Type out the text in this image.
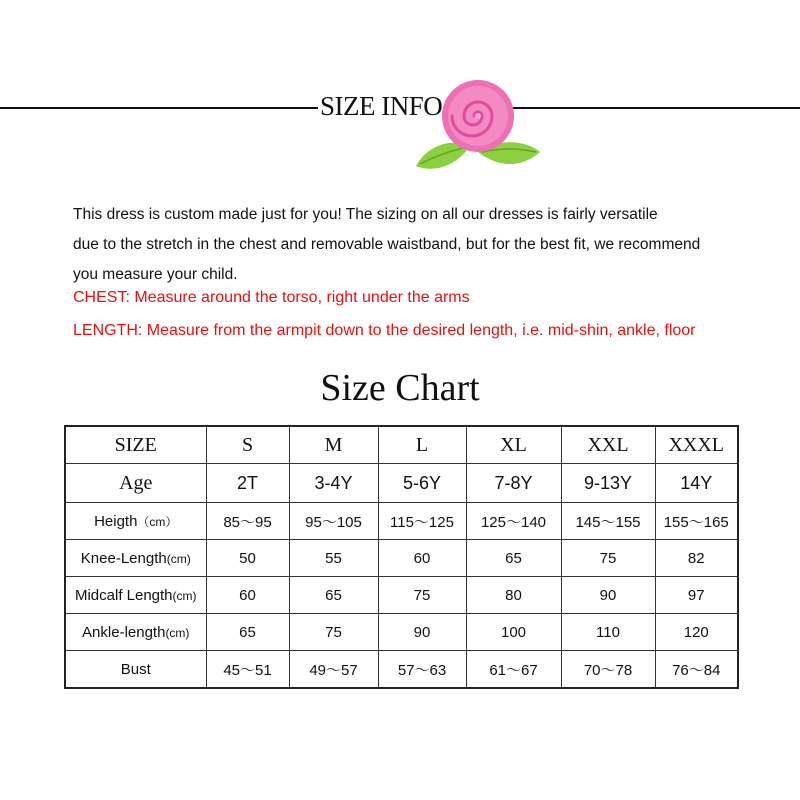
SIZE INFO

This dress is custom made just for you! The sizing on all our dresses is fairly versatile

due to the stretch in the chest and removable waistband, but for the best fit, we recommend

you measure your child.

CHEST: Measure around the torso, right under the arms
LENGTH: Measure from the armpit down to the desired length, i.e. mid-shin, ankle, floor
Size Chart
SIZE	S	M	L	XL	XXL	XXXL
Age	2T	3-4Y	5-6Y	7-8Y	9-13Y	14Y
Heigth（cm）	85～95	95～105	115～125	125～140	145～155	155～165
Knee-Length(cm)	50	55	60	65	75	82
Midcalf Length(cm)	60	65	75	80	90	97
Ankle-length(cm)	65	75	90	100	110	120
Bust	45～51	49～57	57～63	61～67	70～78	76～84
